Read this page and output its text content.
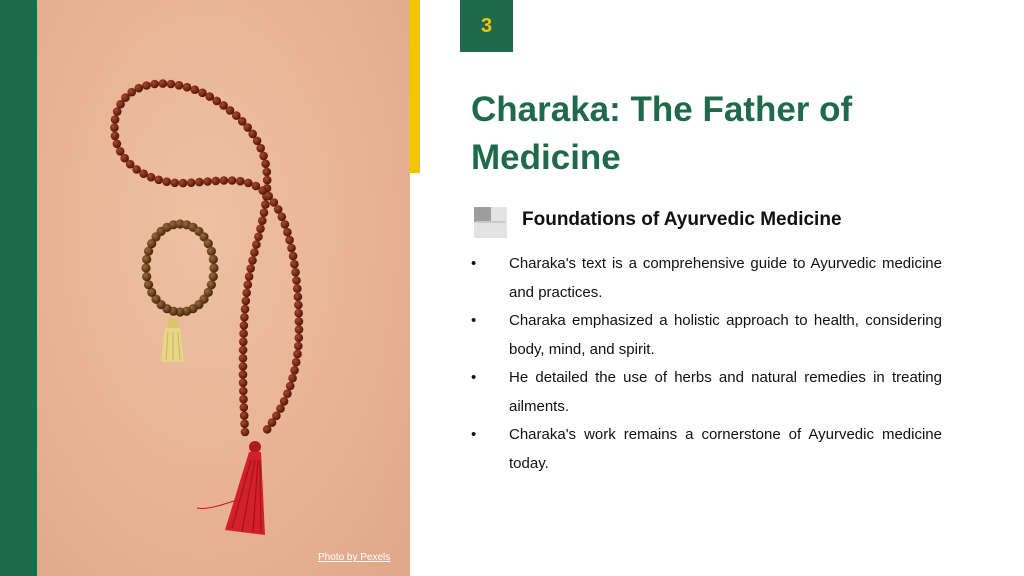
Photo by Pexels
3
Charaka: The Father of Medicine
Foundations of Ayurvedic Medicine
• Charaka's text is a comprehensive guide to Ayurvedic medicine and practices.
• Charaka emphasized a holistic approach to health, considering body, mind, and spirit.
• He detailed the use of herbs and natural remedies in treating ailments.
• Charaka's work remains a cornerstone of Ayurvedic medicine today.
